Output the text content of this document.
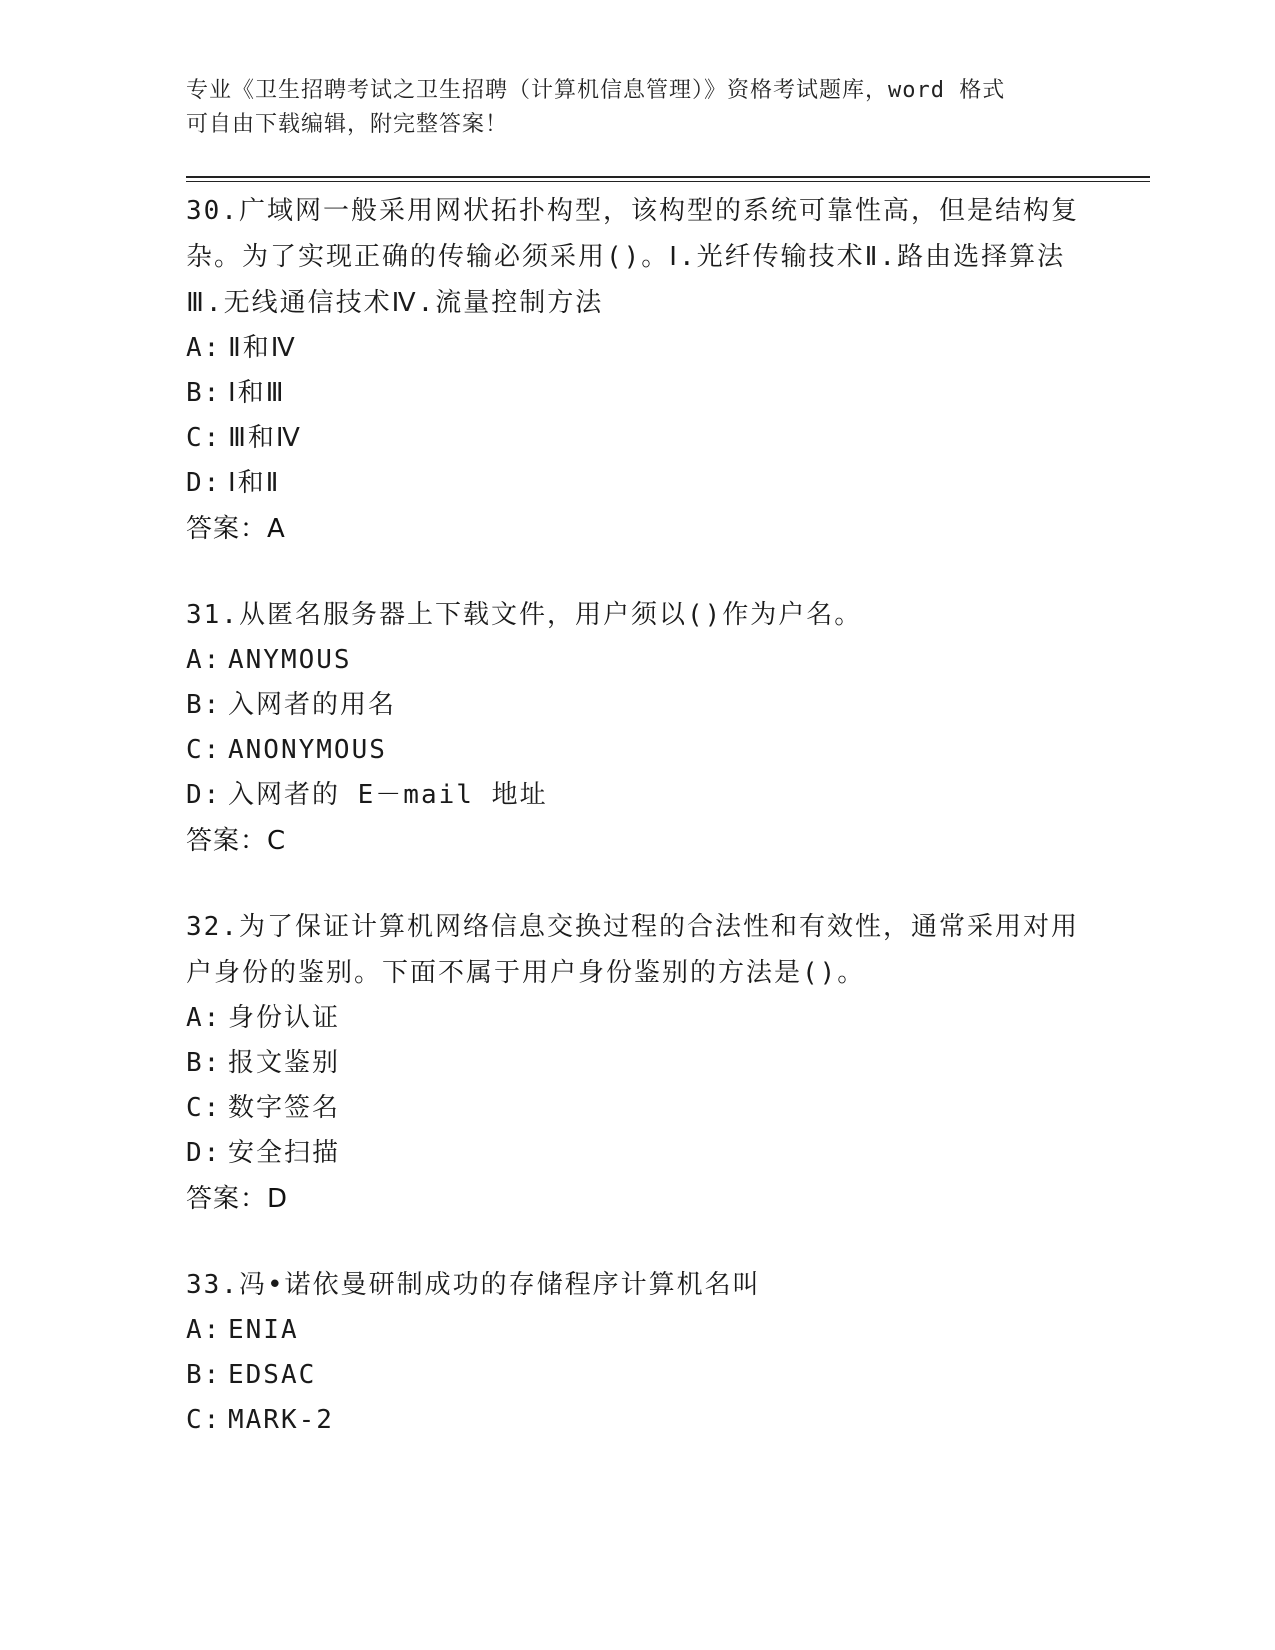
专业《卫生招聘考试之卫生招聘（计算机信息管理）》资格考试题库，word 格式
可自由下载编辑，附完整答案！
30.广域网一般采用网状拓扑构型，该构型的系统可靠性高，但是结构复杂。为了实现正确的传输必须采用()。Ⅰ.光纤传输技术Ⅱ.路由选择算法Ⅲ.无线通信技术Ⅳ.流量控制方法
A: Ⅱ和Ⅳ
B: Ⅰ和Ⅲ
C: Ⅲ和Ⅳ
D: Ⅰ和Ⅱ
答案：A
31.从匿名服务器上下载文件，用户须以()作为户名。
A: ANYMOUS
B: 入网者的用名
C: ANONYMOUS
D: 入网者的 E－mail 地址
答案：C
32.为了保证计算机网络信息交换过程的合法性和有效性，通常采用对用户身份的鉴别。下面不属于用户身份鉴别的方法是()。
A: 身份认证
B: 报文鉴别
C: 数字签名
D: 安全扫描
答案：D
33.冯•诺依曼研制成功的存储程序计算机名叫
A: ENIA
B: EDSAC
C: MARK-2
